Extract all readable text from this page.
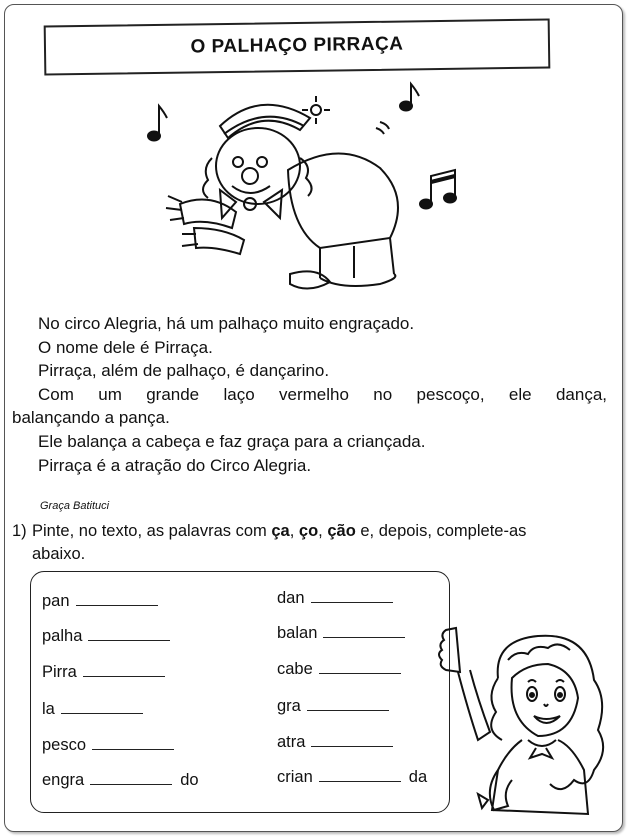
O PALHAÇO PIRRAÇA

No circo Alegria, há um palhaço muito engraçado.

O nome dele é Pirraça.

Pirraça, além de palhaço, é dançarino.

Com um grande laço vermelho no pescoço, ele dança,

balançando a pança.

Ele balança a cabeça e faz graça para a criançada.

Pirraça é a atração do Circo Alegria.

Graça Batituci

1) Pinte, no texto, as palavras com ça, ço, ção e, depois, complete-as

abaixo.

pan
palha
Pirra
la
pesco
engra	do
dan
balan
cabe
gra
atra
crian	da
